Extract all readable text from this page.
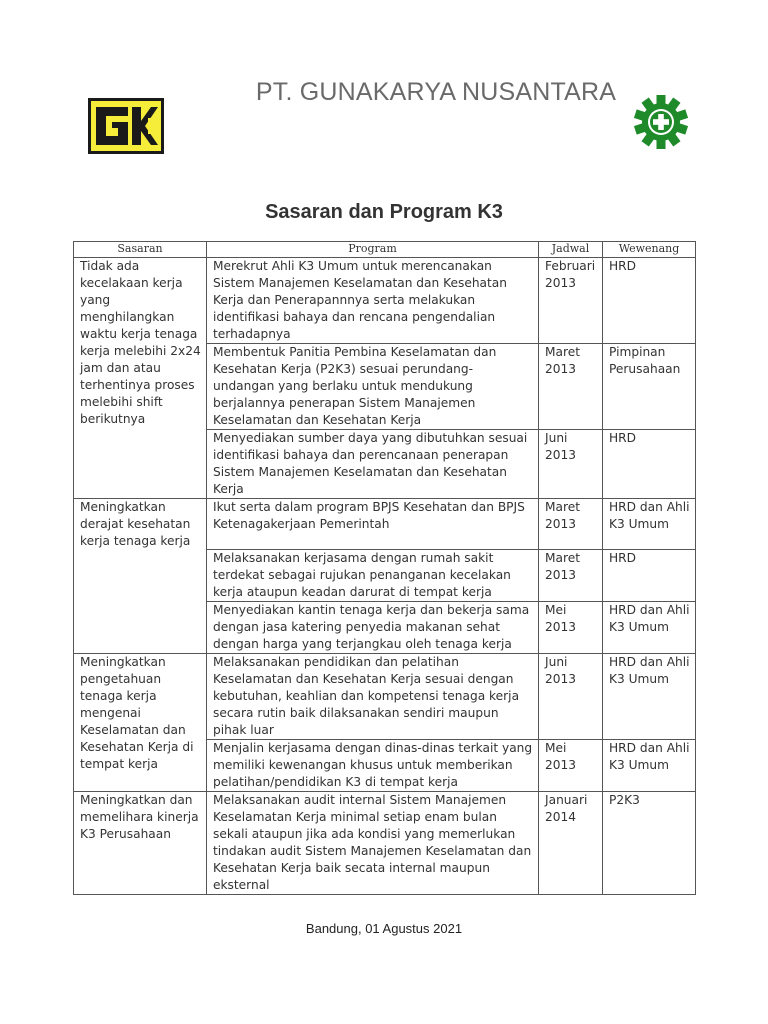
PT. GUNAKARYA NUSANTARA
Sasaran dan Program K3
Sasaran	Program	Jadwal	Wewenang
Tidak ada kecelakaan kerja yang menghilangkan waktu kerja tenaga kerja melebihi 2x24 jam dan atau terhentinya proses melebihi shift berikutnya	Merekrut Ahli K3 Umum untuk merencanakan Sistem Manajemen Keselamatan dan Kesehatan Kerja dan Penerapannnya serta melakukan identifikasi bahaya dan rencana pengendalian terhadapnya	Februari 2013	HRD
	Membentuk Panitia Pembina Keselamatan dan Kesehatan Kerja (P2K3) sesuai perundang-undangan yang berlaku untuk mendukung berjalannya penerapan Sistem Manajemen Keselamatan dan Kesehatan Kerja	Maret 2013	Pimpinan Perusahaan
	Menyediakan sumber daya yang dibutuhkan sesuai identifikasi bahaya dan perencanaan penerapan Sistem Manajemen Keselamatan dan Kesehatan Kerja	Juni 2013	HRD
Meningkatkan derajat kesehatan kerja tenaga kerja	Ikut serta dalam program BPJS Kesehatan dan BPJS Ketenagakerjaan Pemerintah	Maret 2013	HRD dan Ahli K3 Umum
	Melaksanakan kerjasama dengan rumah sakit terdekat sebagai rujukan penanganan kecelakan kerja ataupun keadan darurat di tempat kerja	Maret 2013	HRD
	Menyediakan kantin tenaga kerja dan bekerja sama dengan jasa katering penyedia makanan sehat dengan harga yang terjangkau oleh tenaga kerja	Mei 2013	HRD dan Ahli K3 Umum
Meningkatkan pengetahuan tenaga kerja mengenai Keselamatan dan Kesehatan Kerja di tempat kerja	Melaksanakan pendidikan dan pelatihan Keselamatan dan Kesehatan Kerja sesuai dengan kebutuhan, keahlian dan kompetensi tenaga kerja secara rutin baik dilaksanakan sendiri maupun pihak luar	Juni 2013	HRD dan Ahli K3 Umum
	Menjalin kerjasama dengan dinas-dinas terkait yang memiliki kewenangan khusus untuk memberikan pelatihan/pendidikan K3 di tempat kerja	Mei 2013	HRD dan Ahli K3 Umum
Meningkatkan dan memelihara kinerja K3 Perusahaan	Melaksanakan audit internal Sistem Manajemen Keselamatan Kerja minimal setiap enam bulan sekali ataupun jika ada kondisi yang memerlukan tindakan audit Sistem Manajemen Keselamatan dan Kesehatan Kerja baik secata internal maupun eksternal	Januari 2014	P2K3
Bandung, 01 Agustus 2021
